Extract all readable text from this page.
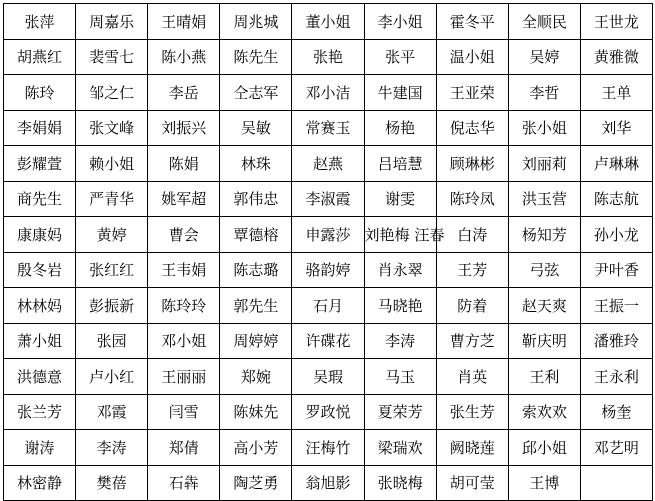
张萍	周嘉乐	王晴娟	周兆城	董小姐	李小姐	霍冬平	全顺民	王世龙
胡燕红	裴雪七	陈小燕	陈先生	张艳	张平	温小姐	吴婷	黄雅微
陈玲	邹之仁	李岳	仝志军	邓小洁	牛建国	王亚荣	李哲	王单
李娟娟	张文峰	刘振兴	吴敏	常赛玉	杨艳	倪志华	张小姐	刘华
彭耀萱	赖小姐	陈娟	林珠	赵燕	吕培慧	顾琳彬	刘丽莉	卢琳琳
商先生	严青华	姚军超	郭伟忠	李淑霞	谢雯	陈玲凤	洪玉营	陈志航
康康妈	黄婷	曹会	覃德榕	申露莎	刘艳梅 汪春	白涛	杨知芳	孙小龙
殷冬岩	张红红	王韦娟	陈志璐	骆韵婷	肖永翠	王芳	弓弦	尹叶香
林林妈	彭振新	陈玲玲	郭先生	石月	马晓艳	防着	赵天爽	王振一
萧小姐	张园	邓小姐	周婷婷	许碟花	李涛	曹方芝	靳庆明	潘雅玲
洪德意	卢小红	王丽丽	郑婉	吴瑕	马玉	肖英	王利	王永利
张兰芳	邓霞	闫雪	陈妹先	罗政悦	夏荣芳	张生芳	索欢欢	杨奎
谢涛	李涛	郑倩	高小芳	汪梅竹	梁瑞欢	阙晓莲	邱小姐	邓艺明
林密静	樊蓓	石犇	陶芝勇	翁旭影	张晓梅	胡可莹	王博	
